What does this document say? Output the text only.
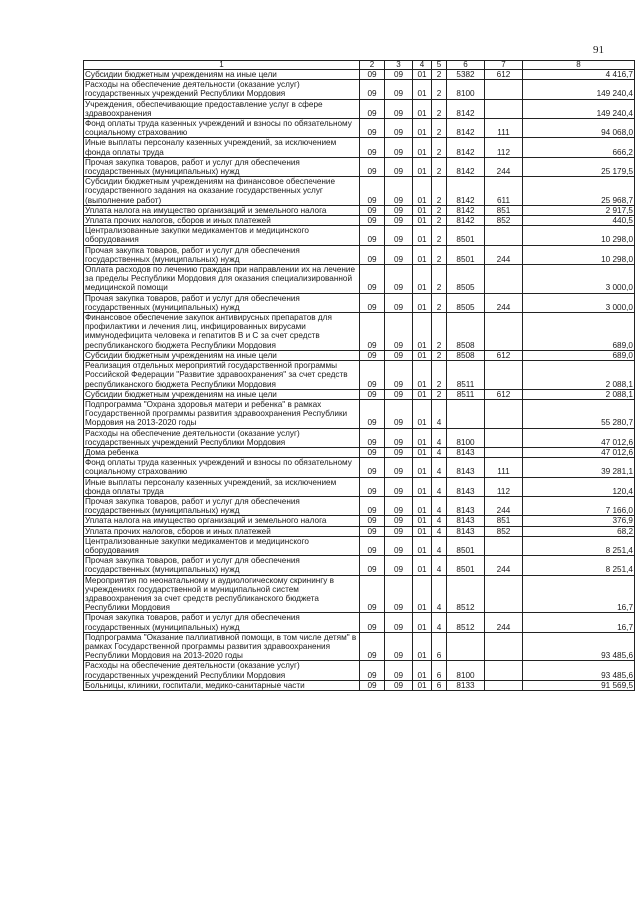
91
1	2	3	4	5	6	7	8
Субсидии бюджетным учреждениям на иные цели	09	09	01	2	5382	612	4 416,7
Расходы на обеспечение деятельности (оказание услуг) государственных учреждений Республики Мордовия	09	09	01	2	8100		149 240,4
Учреждения, обеспечивающие предоставление услуг в сфере здравоохранения	09	09	01	2	8142		149 240,4
Фонд оплаты труда казенных учреждений и взносы по обязательному социальному страхованию	09	09	01	2	8142	111	94 068,0
Иные выплаты персоналу казенных учреждений, за исключением фонда оплаты труда	09	09	01	2	8142	112	666,2
Прочая закупка товаров, работ и услуг для обеспечения государственных (муниципальных) нужд	09	09	01	2	8142	244	25 179,5
Субсидии бюджетным учреждениям на финансовое обеспечение государственного задания на оказание государственных услуг (выполнение работ)	09	09	01	2	8142	611	25 968,7
Уплата налога на имущество организаций и земельного налога	09	09	01	2	8142	851	2 917,5
Уплата прочих налогов, сборов и иных платежей	09	09	01	2	8142	852	440,5
Централизованные закупки медикаментов и медицинского оборудования	09	09	01	2	8501		10 298,0
Прочая закупка товаров, работ и услуг для обеспечения государственных (муниципальных) нужд	09	09	01	2	8501	244	10 298,0
Оплата расходов по лечению граждан при направлении их на лечение за пределы Республики Мордовия для оказания специализированной медицинской помощи	09	09	01	2	8505		3 000,0
Прочая закупка товаров, работ и услуг для обеспечения государственных (муниципальных) нужд	09	09	01	2	8505	244	3 000,0
Финансовое обеспечение закупок антивирусных препаратов для профилактики и лечения лиц, инфицированных вирусами иммунодефицита человека и гепатитов В и С за счет средств республиканского бюджета Республики Мордовия	09	09	01	2	8508		689,0
Субсидии бюджетным учреждениям на иные цели	09	09	01	2	8508	612	689,0
Реализация отдельных мероприятий государственной программы Российской Федерации "Развитие здравоохранения" за счет средств республиканского бюджета Республики Мордовия	09	09	01	2	8511		2 088,1
Субсидии бюджетным учреждениям на иные цели	09	09	01	2	8511	612	2 088,1
Подпрограмма "Охрана здоровья матери и ребенка" в рамках Государственной программы развития здравоохранения Республики Мордовия на 2013-2020 годы	09	09	01	4			55 280,7
Расходы на обеспечение деятельности (оказание услуг) государственных учреждений Республики Мордовия	09	09	01	4	8100		47 012,6
Дома ребенка	09	09	01	4	8143		47 012,6
Фонд оплаты труда казенных учреждений и взносы по обязательному социальному страхованию	09	09	01	4	8143	111	39 281,1
Иные выплаты персоналу казенных учреждений, за исключением фонда оплаты труда	09	09	01	4	8143	112	120,4
Прочая закупка товаров, работ и услуг для обеспечения государственных (муниципальных) нужд	09	09	01	4	8143	244	7 166,0
Уплата налога на имущество организаций и земельного налога	09	09	01	4	8143	851	376,9
Уплата прочих налогов, сборов и иных платежей	09	09	01	4	8143	852	68,2
Централизованные закупки медикаментов и медицинского оборудования	09	09	01	4	8501		8 251,4
Прочая закупка товаров, работ и услуг для обеспечения государственных (муниципальных) нужд	09	09	01	4	8501	244	8 251,4
Мероприятия по неонатальному и аудиологическому скринингу в учреждениях государственной и муниципальной систем здравоохранения за счет средств республиканского бюджета Республики Мордовия	09	09	01	4	8512		16,7
Прочая закупка товаров, работ и услуг для обеспечения государственных (муниципальных) нужд	09	09	01	4	8512	244	16,7
Подпрограмма "Оказание паллиативной помощи, в том числе детям" в рамках Государственной программы развития здравоохранения Республики Мордовия на 2013-2020 годы	09	09	01	6			93 485,6
Расходы на обеспечение деятельности (оказание услуг) государственных учреждений Республики Мордовия	09	09	01	6	8100		93 485,6
Больницы, клиники, госпитали, медико-санитарные части	09	09	01	6	8133		91 569,5
